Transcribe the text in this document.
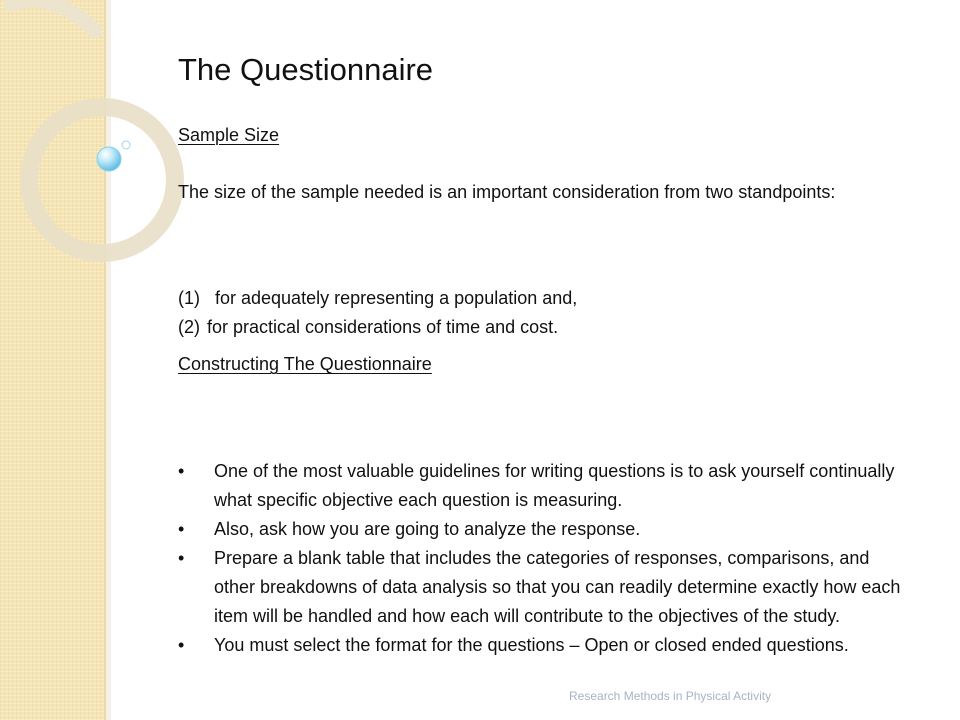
The Questionnaire
Sample Size

The size of the sample needed is an important consideration from two standpoints:

(1) for adequately representing a population and,
(2) for practical considerations of time and cost.
Constructing The Questionnaire
•	One of the most valuable guidelines for writing questions is to ask yourself continually what specific objective each question is measuring.
•	Also, ask how you are going to analyze the response.
•	Prepare a blank table that includes the categories of responses, comparisons, and other breakdowns of data analysis so that you can readily determine exactly how each item will be handled and how each will contribute to the objectives of the study.
•	You must select the format for the questions – Open or closed ended questions.
Research Methods in Physical Activity
